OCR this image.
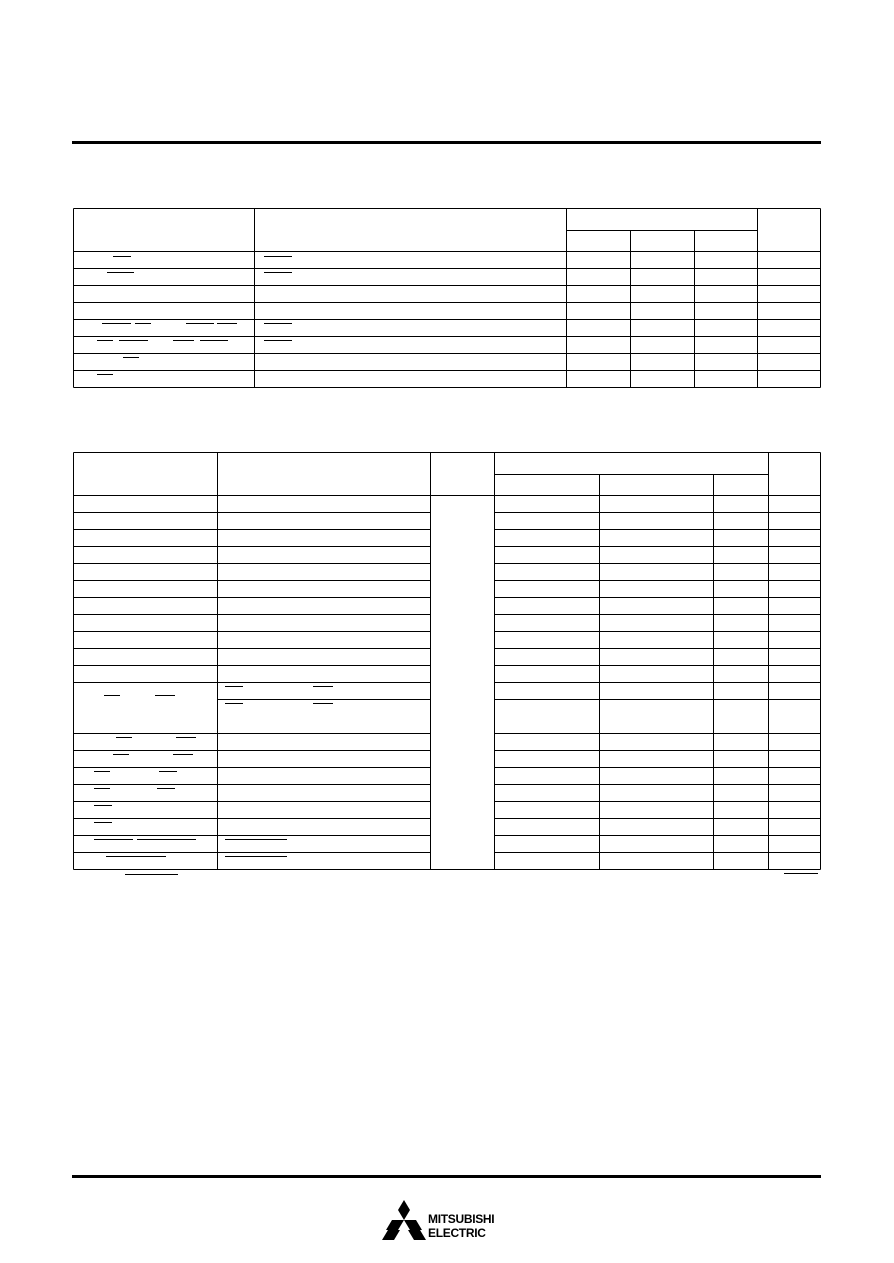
MITSUBISHI
ELECTRIC
